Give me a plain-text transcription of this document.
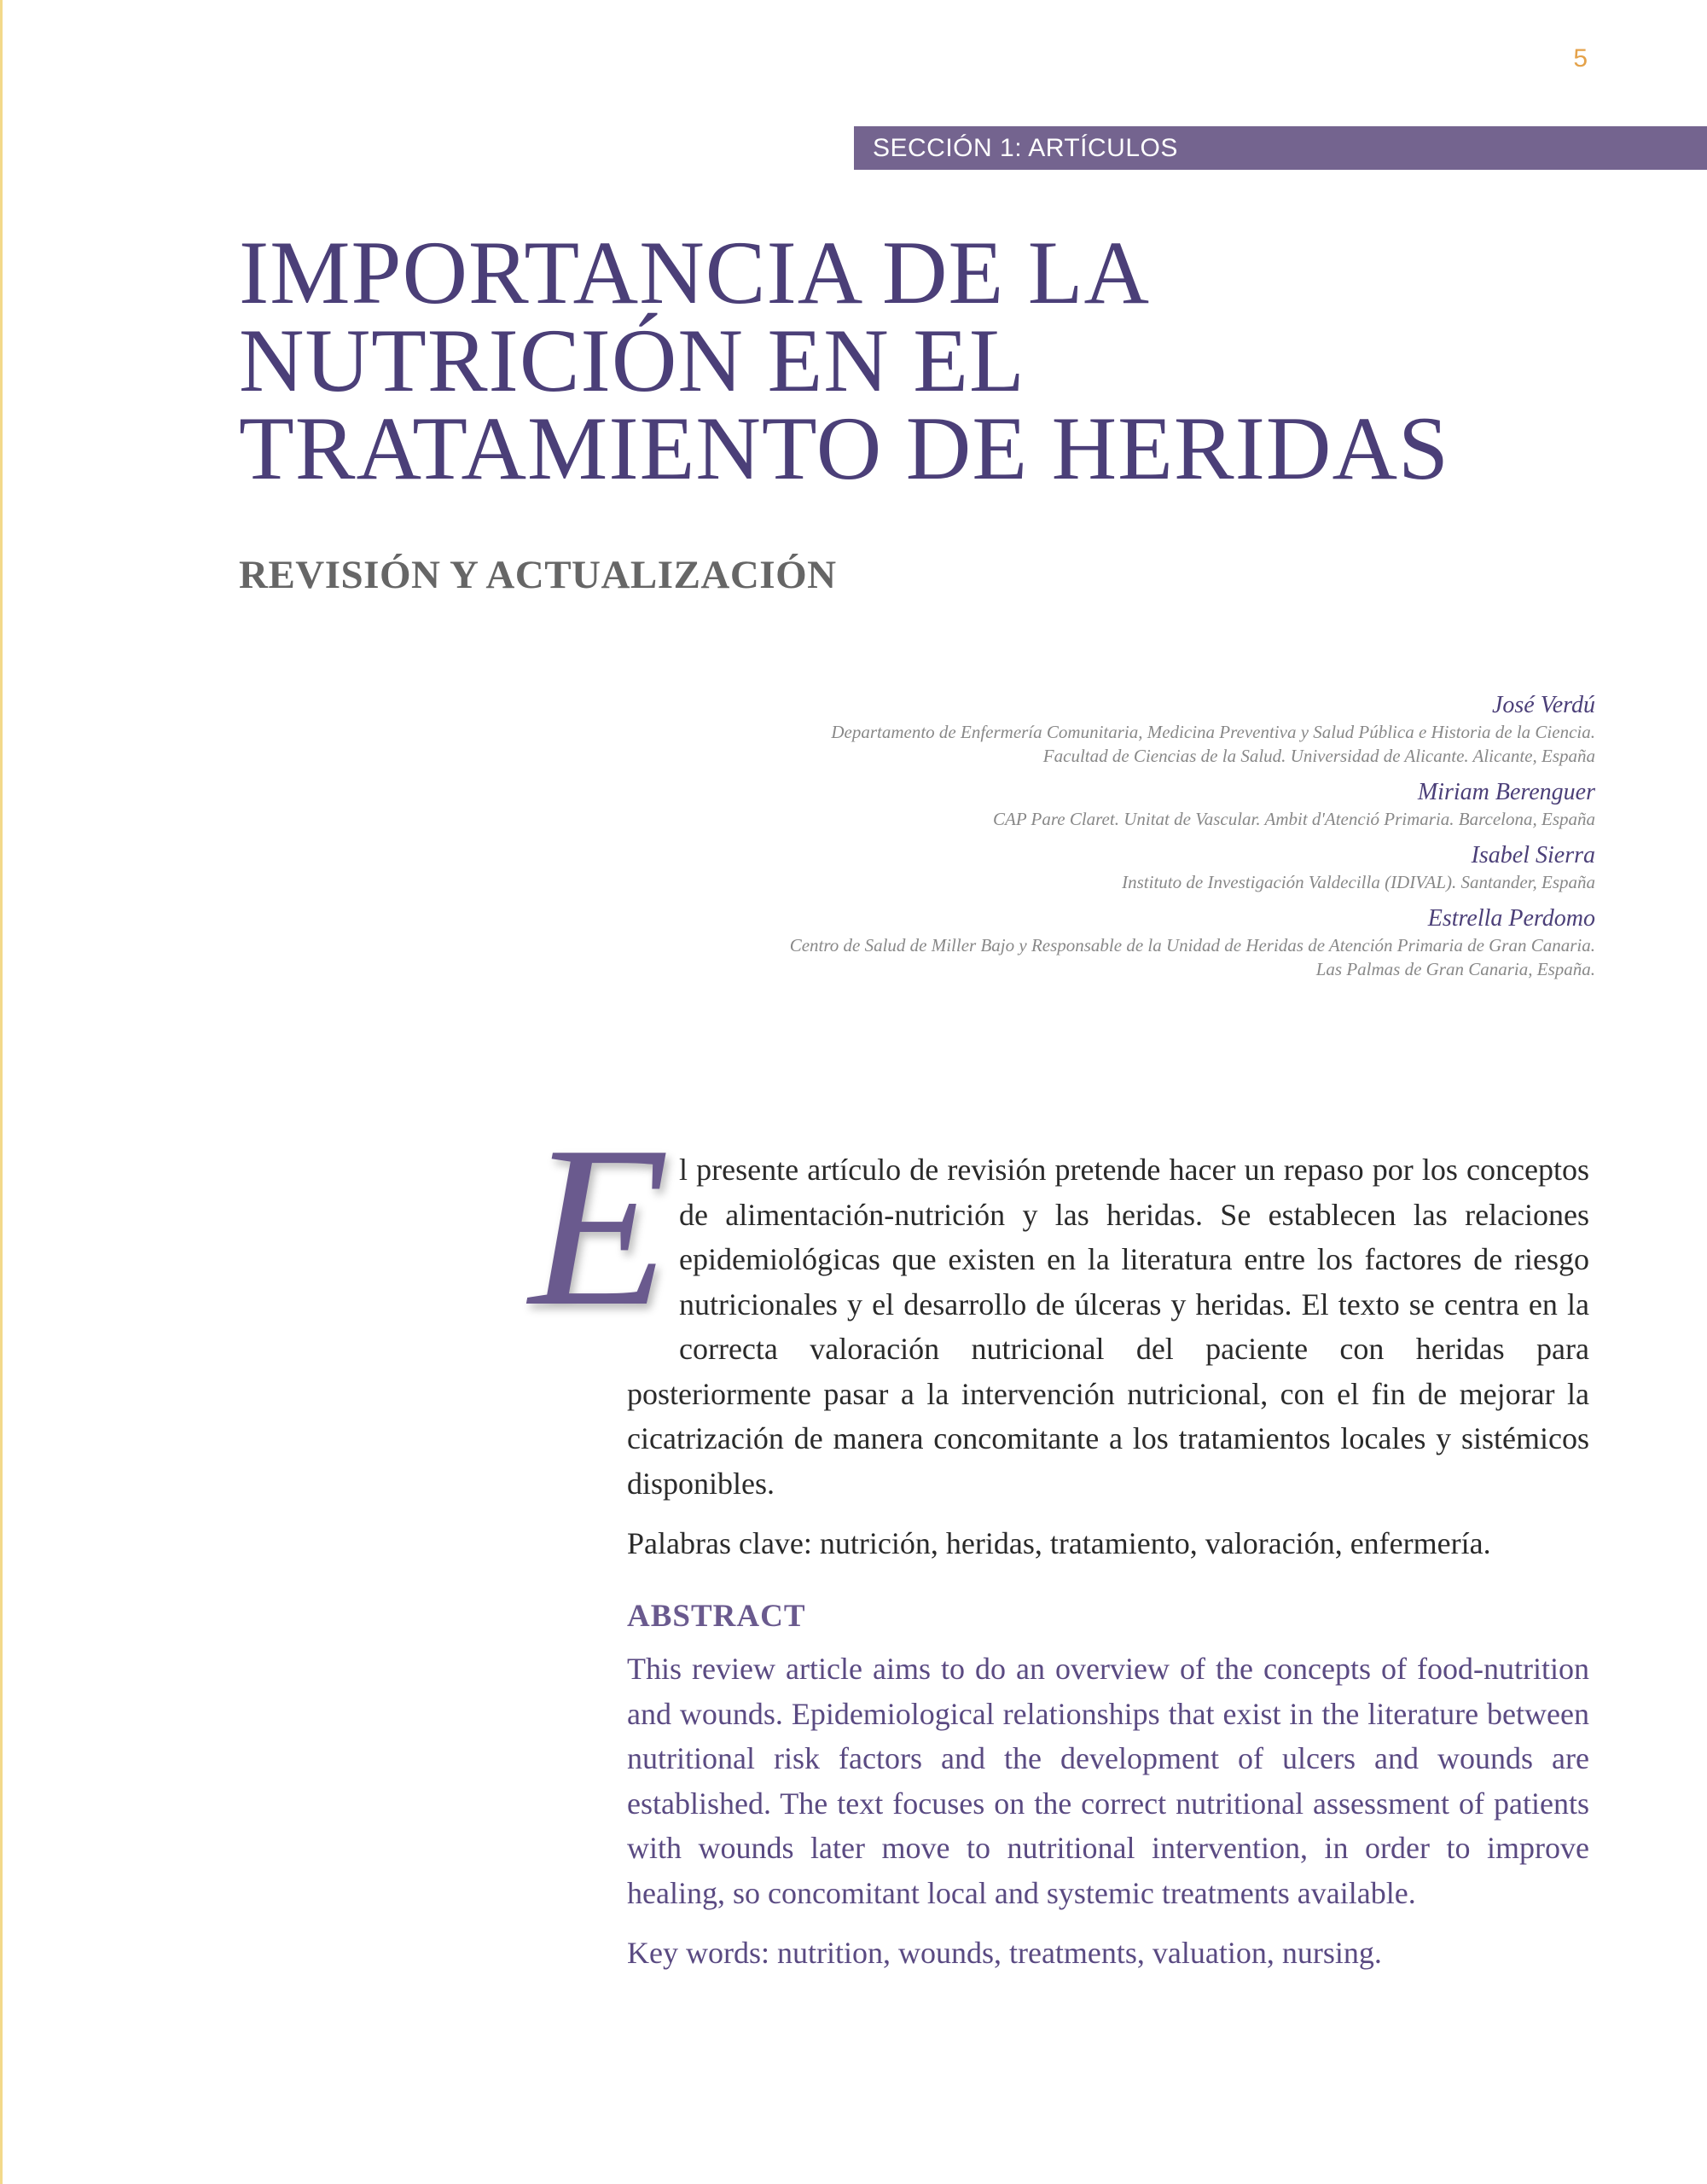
5
SECCIÓN 1: ARTÍCULOS
IMPORTANCIA DE LA
NUTRICIÓN EN EL
TRATAMIENTO DE HERIDAS
REVISIÓN Y ACTUALIZACIÓN
José Verdú
Departamento de Enfermería Comunitaria, Medicina Preventiva y Salud Pública e Historia de la Ciencia.
Facultad de Ciencias de la Salud. Universidad de Alicante. Alicante, España
Miriam Berenguer
CAP Pare Claret. Unitat de Vascular. Ambit d'Atenció Primaria. Barcelona, España
Isabel Sierra
Instituto de Investigación Valdecilla (IDIVAL). Santander, España
Estrella Perdomo
Centro de Salud de Miller Bajo y Responsable de la Unidad de Heridas de Atención Primaria de Gran Canaria.
Las Palmas de Gran Canaria, España.

El presente artículo de revisión pretende hacer un repaso por los conceptos de alimentación-nutrición y las heridas. Se establecen las relaciones epidemiológicas que existen en la literatura entre los factores de riesgo nutricionales y el desarrollo de úlceras y heridas. El texto se centra en la correcta valoración nutricional del paciente con heridas para posteriormente pasar a la intervención nutricional, con el fin de mejorar la cicatrización de manera concomitante a los tratamientos locales y sistémicos disponibles.

Palabras clave: nutrición, heridas, tratamiento, valoración, enfermería.

ABSTRACT

This review article aims to do an overview of the concepts of food-nutrition and wounds. Epidemiological relationships that exist in the literature between nutritional risk factors and the development of ulcers and wounds are established. The text focuses on the correct nutritional assessment of patients with wounds later move to nutritional intervention, in order to improve healing, so concomitant local and systemic treatments available.

Key words: nutrition, wounds, treatments, valuation, nursing.
